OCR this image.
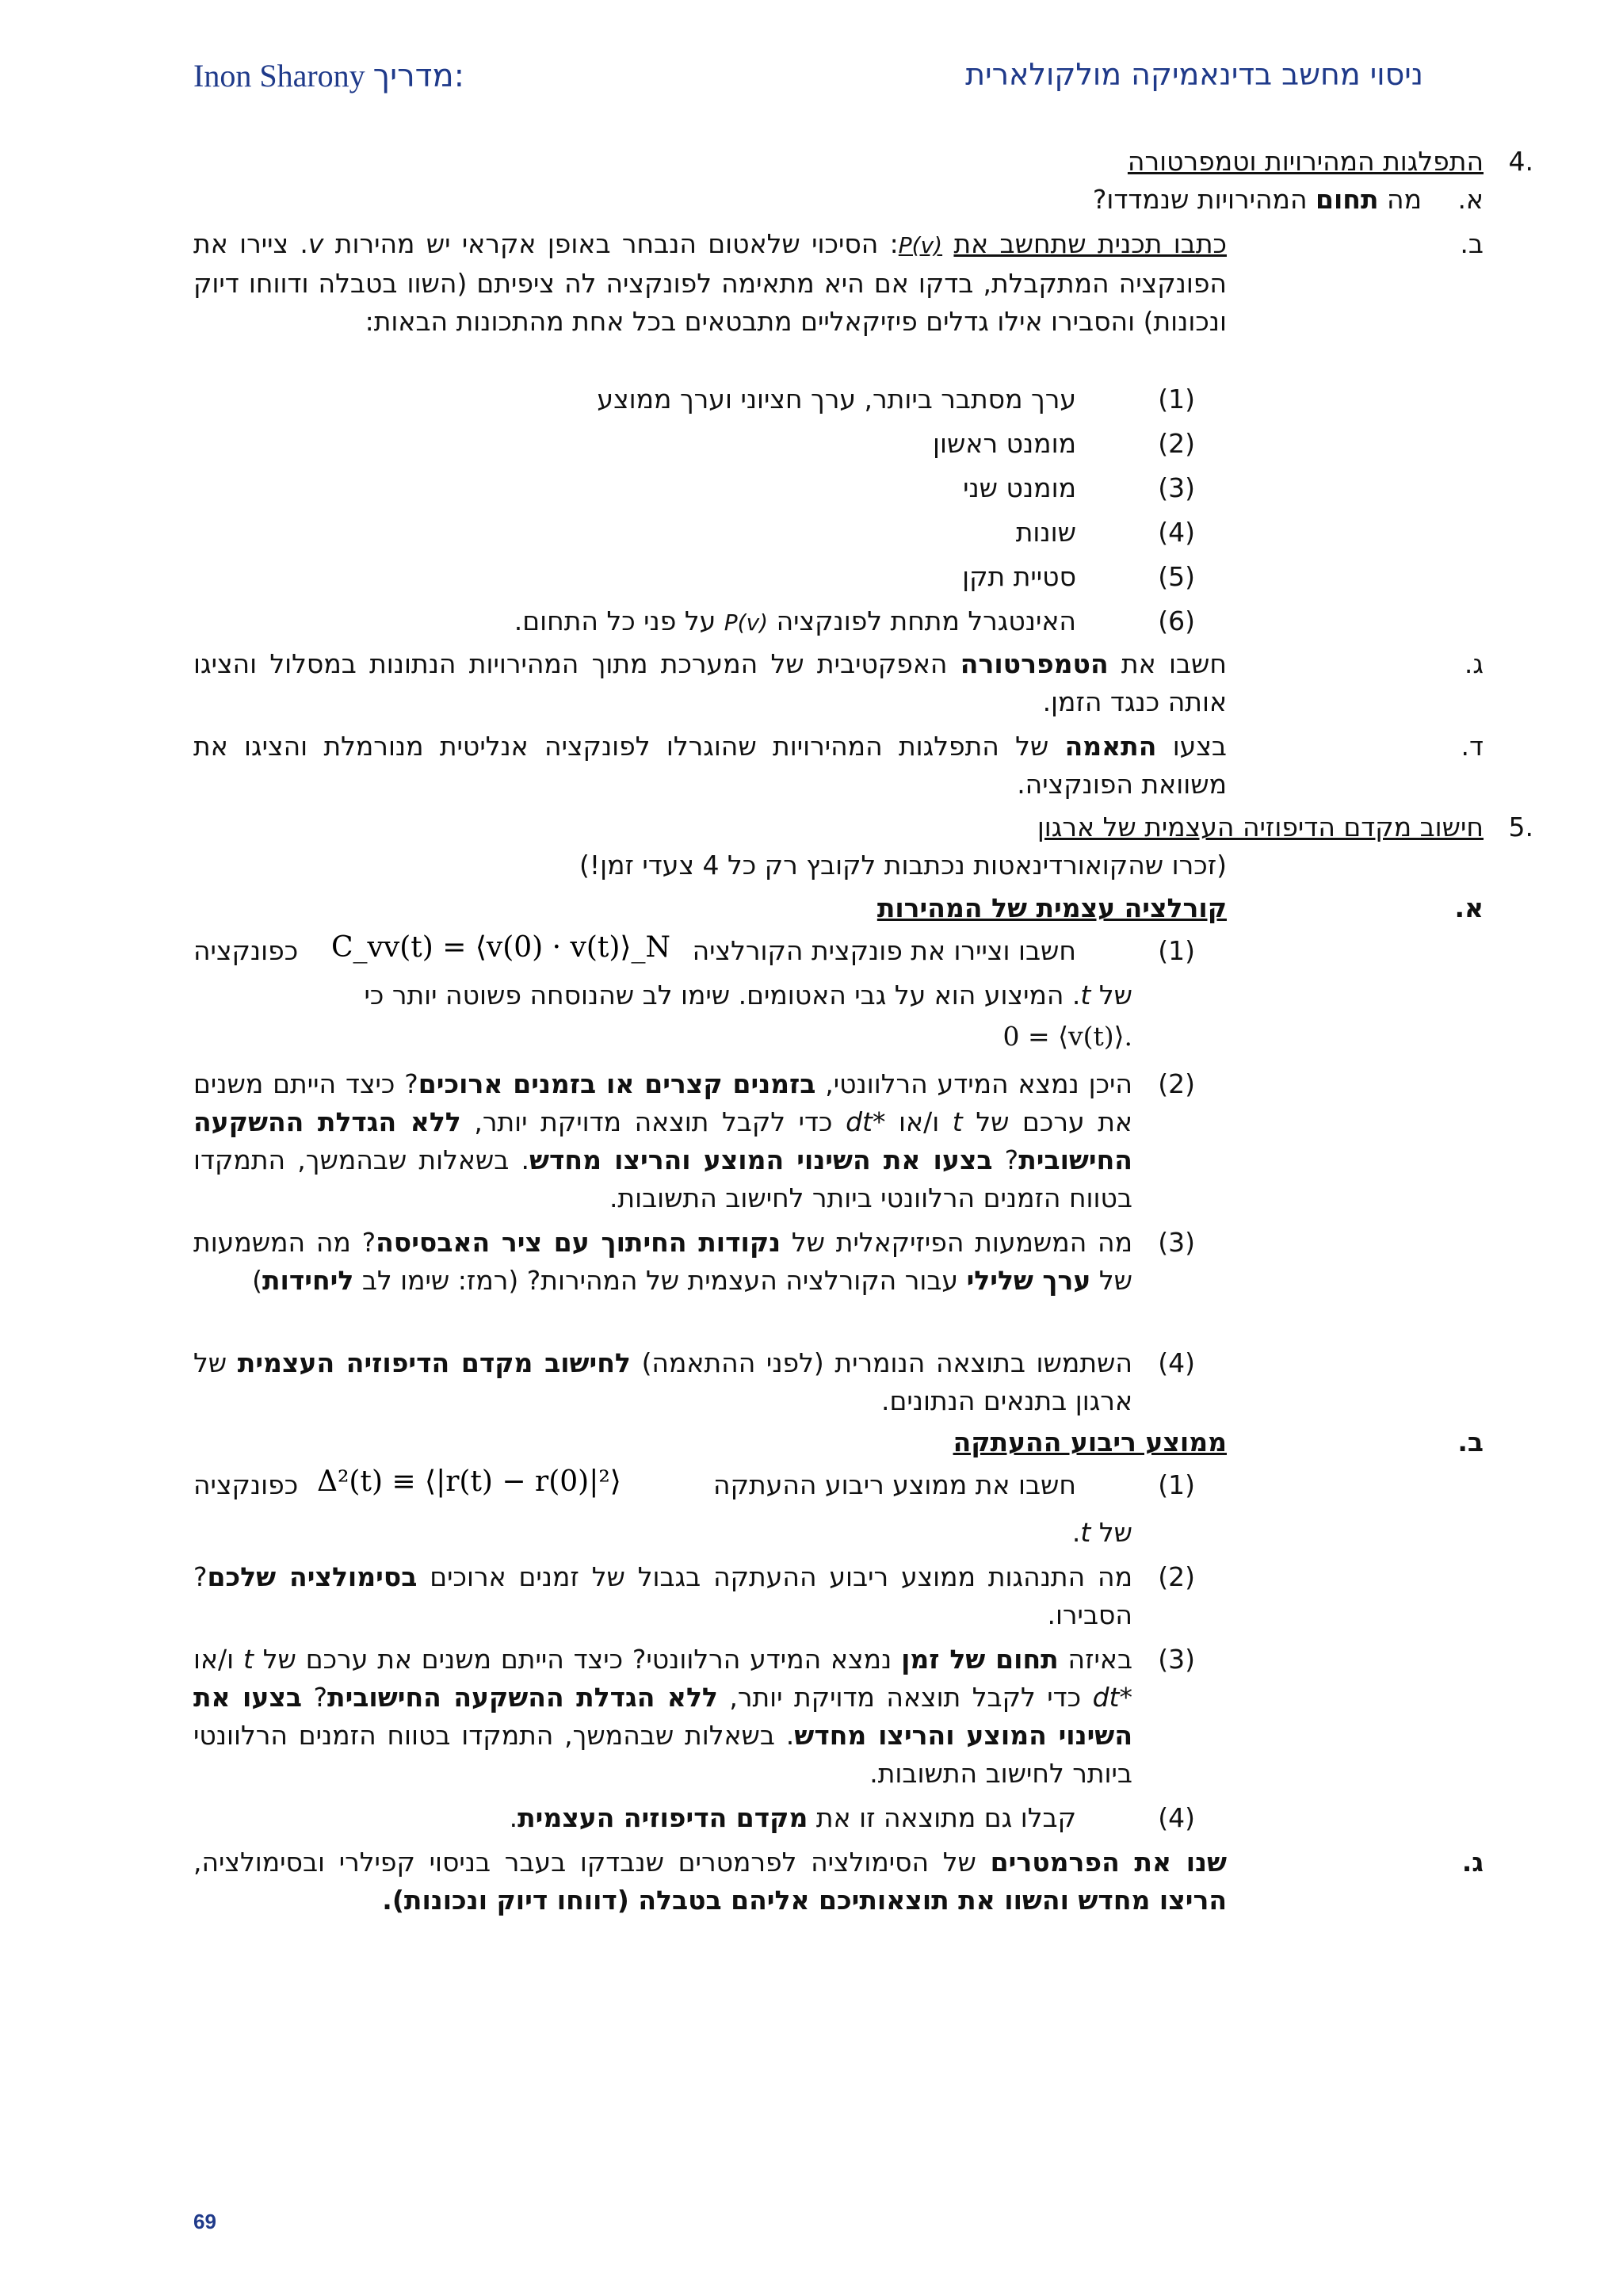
ניסוי מחשב בדינאמיקה מולקולארית
Inon Sharony מדריך:
.4
התפלגות המהירויות וטמפרטורה
א.
מה תחום המהירויות שנמדדו?
ב.
כתבו תכנית שתחשב את P(v): הסיכוי שלאטום הנבחר באופן אקראי יש מהירות v. ציירו את הפונקציה המתקבלת, בדקו אם היא מתאימה לפונקציה לה ציפיתם (השוו בטבלה ודווחו דיוק ונכונות) והסבירו אילו גדלים פיזיקאליים מתבטאים בכל אחת מהתכונות הבאות:
(1)
ערך מסתבר ביותר, ערך חציוני וערך ממוצע
(2)
מומנט ראשון
(3)
מומנט שני
(4)
שונות
(5)
סטיית תקן
(6)
האינטגרל מתחת לפונקציה P(v) על פני כל התחום.
ג.
חשבו את הטמפרטורה האפקטיבית של המערכת מתוך המהירויות הנתונות במסלול והציגו אותה כנגד הזמן.
ד.
בצעו התאמה של התפלגות המהירויות שהוגרלו לפונקציה אנליטית מנורמלת והציגו את משוואת הפונקציה.
.5
חישוב מקדם הדיפוזיה העצמית של ארגון
(זכרו שהקואורדינאטות נכתבות לקובץ רק כל 4 צעדי זמן!)
א.
קורלציה עצמית של המהירות
(1)
חשבו וציירו את פונקצית הקורלציה
C_vv(t) = ⟨v(0) · v(t)⟩_N
כפונקציה
של t. המיצוע הוא על גבי האטומים. שימו לב שהנוסחה פשוטה יותר כי
.⟨v(t)⟩ = 0
(2)
היכן נמצא המידע הרלוונטי, בזמנים קצרים או בזמנים ארוכים? כיצד הייתם משנים את ערכם של t ו/או dt* כדי לקבל תוצאה מדויקת יותר, ללא הגדלת ההשקעה החישובית? בצעו את השינוי המוצע והריצו מחדש. בשאלות שבהמשך, התמקדו בטווח הזמנים הרלוונטי ביותר לחישוב התשובות.
(3)
מה המשמעות הפיזיקאלית של נקודות החיתוך עם ציר האבסיסה? מה המשמעות של ערך שלילי עבור הקורלציה העצמית של המהירות? (רמז: שימו לב ליחידות)
(4)
השתמשו בתוצאה הנומרית (לפני ההתאמה) לחישוב מקדם הדיפוזיה העצמית של ארגון בתנאים הנתונים.
ב.
ממוצע ריבוע ההעתקה
(1)
חשבו את ממוצע ריבוע ההעתקה
Δ²(t) ≡ ⟨|r(t) − r(0)|²⟩
כפונקציה
של t.
(2)
מה התנהגות ממוצע ריבוע ההעתקה בגבול של זמנים ארוכים בסימולציה שלכם? הסבירו.
(3)
באיזה תחום של זמן נמצא המידע הרלוונטי? כיצד הייתם משנים את ערכם של t ו/או dt* כדי לקבל תוצאה מדויקת יותר, ללא הגדלת ההשקעה החישובית? בצעו את השינוי המוצע והריצו מחדש. בשאלות שבהמשך, התמקדו בטווח הזמנים הרלוונטי ביותר לחישוב התשובות.
(4)
קבלו גם מתוצאה זו את מקדם הדיפוזיה העצמית.
ג.
שנו את הפרמטרים של הסימולציה לפרמטרים שנבדקו בעבר בניסוי קפילרי ובסימולציה, הריצו מחדש והשוו את תוצאותיכם אליהם בטבלה (דווחו דיוק ונכונות).
69
